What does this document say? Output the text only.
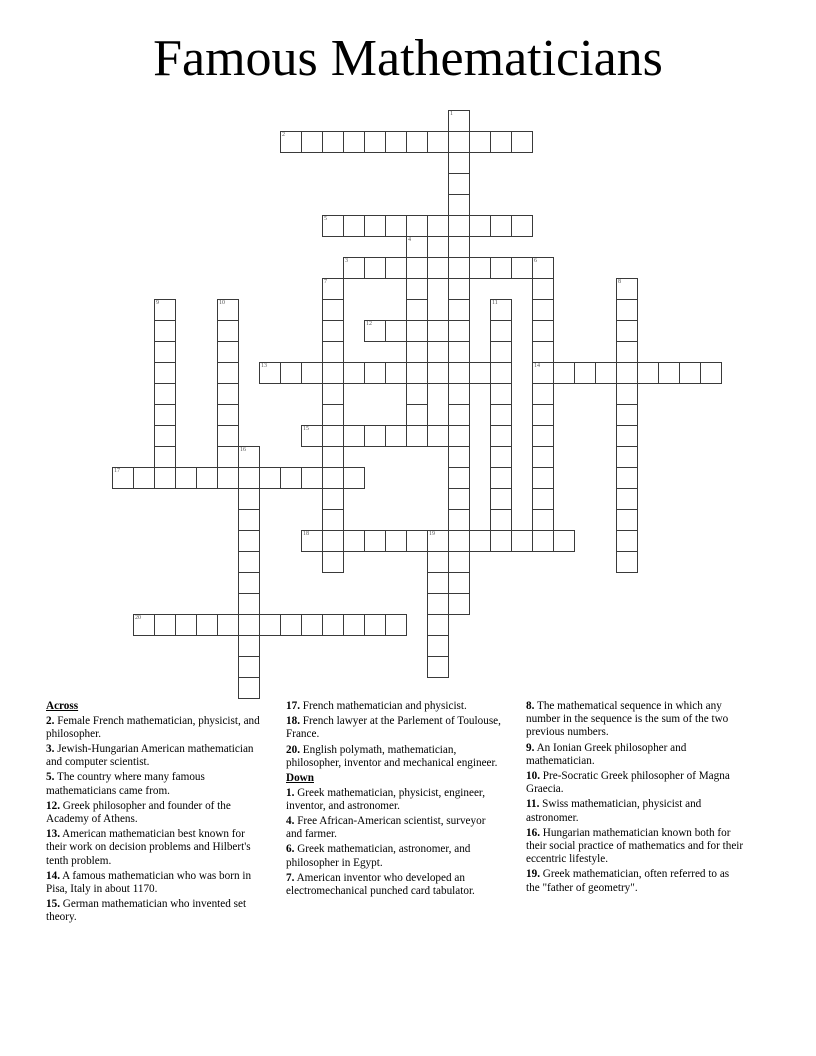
Famous Mathematicians
1
2
3
4
5
6
14
7	8
9	10	11
12
13
15
16
17
18	19
20
Across

2. Female French mathematician, physicist, and philosopher.

3. Jewish-Hungarian American mathematician and computer scientist.

5. The country where many famous mathematicians came from.

12. Greek philosopher and founder of the Academy of Athens.

13. American mathematician best known for their work on decision problems and Hilbert's tenth problem.

14. A famous mathematician who was born in Pisa, Italy in about 1170.

15. German mathematician who invented set theory.

17. French mathematician and physicist.

18. French lawyer at the Parlement of Toulouse, France.

20. English polymath, mathematician, philosopher, inventor and mechanical engineer.

Down

1. Greek mathematician, physicist, engineer, inventor, and astronomer.

4. Free African-American scientist, surveyor and farmer.

6. Greek mathematician, astronomer, and philosopher in Egypt.

7. American inventor who developed an electromechanical punched card tabulator.

8. The mathematical sequence in which any number in the sequence is the sum of the two previous numbers.

9. An Ionian Greek philosopher and mathematician.

10. Pre-Socratic Greek philosopher of Magna Graecia.

11. Swiss mathematician, physicist and astronomer.

16. Hungarian mathematician known both for their social practice of mathematics and for their eccentric lifestyle.

19. Greek mathematician, often referred to as the "father of geometry".
